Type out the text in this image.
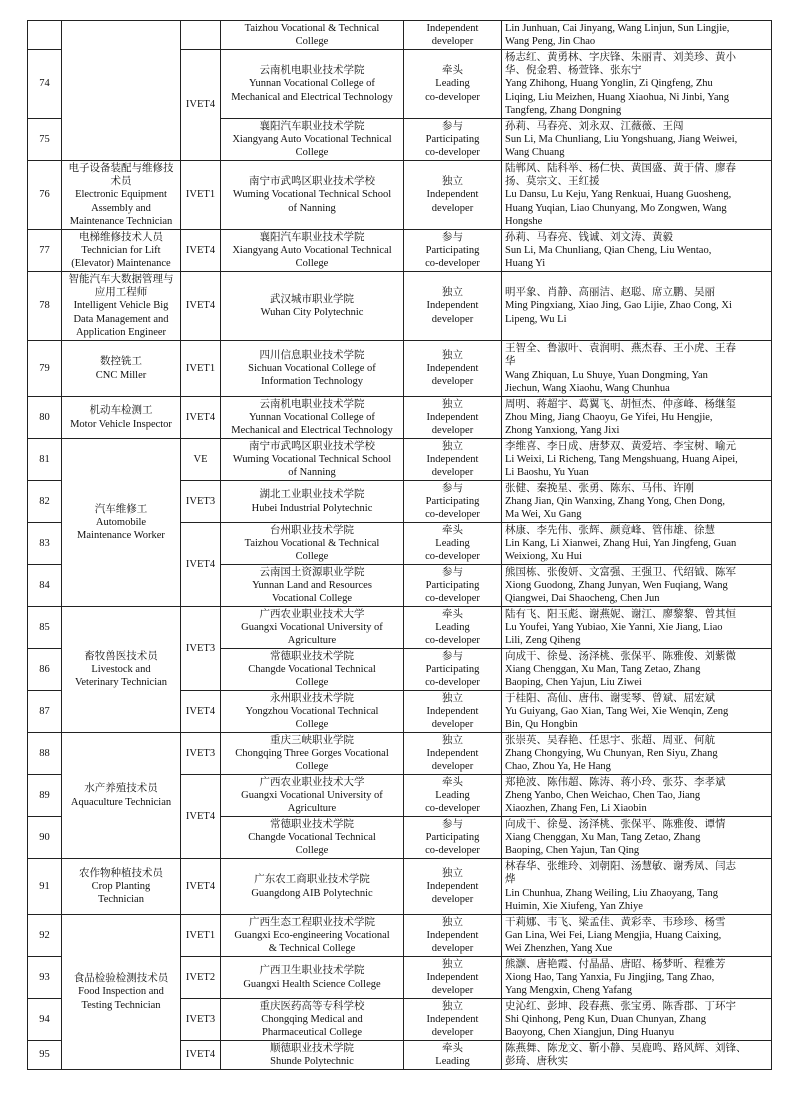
			Taizhou Vocational & Technical
College	Independent
developer	Lin Junhuan, Cai Jinyang, Wang Linjun, Sun Lingjie,
Wang Peng, Jin Chao

74		IVET4	云南机电职业技术学院
Yunnan Vocational College of
Mechanical and Electrical Technology	牵头
Leading
co-developer	杨志红、黄勇林、字庆锋、朱丽青、刘美珍、黄小
华、倪金碧、杨萱锋、张东宁
Yang Zhihong, Huang Yonglin, Zi Qingfeng, Zhu
Liqing, Liu Meizhen, Huang Xiaohua, Ni Jinbi, Yang
Tangfeng, Zhang Dongning

75			襄阳汽车职业技术学院
Xiangyang Auto Vocational Technical
College	参与
Participating
co-developer	孙莉、马春亮、刘永双、江薇薇、王闯
Sun Li, Ma Chunliang, Liu Yongshuang, Jiang Weiwei,
Wang Chuang

76	电子设备装配与维修技
术员
Electronic Equipment
Assembly and
Maintenance Technician	IVET1	南宁市武鸣区职业技术学校
Wuming Vocational Technical School
of Nanning	独立
Independent
developer	陆郸风、陆科举、杨仁快、黄国盛、黄于倩、廖春
扬、莫宗文、王红援
Lu Dansu, Lu Keju, Yang Renkuai, Huang Guosheng,
Huang Yuqian, Liao Chunyang, Mo Zongwen, Wang
Hongshe

77	电梯维修技术人员
Technician for Lift
(Elevator) Maintenance	IVET4	襄阳汽车职业技术学院
Xiangyang Auto Vocational Technical
College	参与
Participating
co-developer	孙莉、马春亮、钱诚、刘文涛、黄毅
Sun Li, Ma Chunliang, Qian Cheng, Liu Wentao,
Huang Yi

78	智能汽车大数据管理与
应用工程师
Intelligent Vehicle Big
Data Management and
Application Engineer	IVET4	武汉城市职业学院
Wuhan City Polytechnic	独立
Independent
developer	明平象、肖静、高丽洁、赵聪、席立鹏、吴丽
Ming Pingxiang, Xiao Jing, Gao Lijie, Zhao Cong, Xi
Lipeng, Wu Li

79	数控铣工
CNC Miller	IVET1	四川信息职业技术学院
Sichuan Vocational College of
Information Technology	独立
Independent
developer	王智全、鲁淑叶、袁润明、燕杰春、王小虎、王春
华
Wang Zhiquan, Lu Shuye, Yuan Dongming, Yan
Jiechun, Wang Xiaohu, Wang Chunhua

80	机动车检测工
Motor Vehicle Inspector	IVET4	云南机电职业技术学院
Yunnan Vocational College of
Mechanical and Electrical Technology	独立
Independent
developer	周明、蒋超宇、葛翼飞、胡恒杰、仲彦峰、杨继玺
Zhou Ming, Jiang Chaoyu, Ge Yifei, Hu Hengjie,
Zhong Yanxiong, Yang Jixi

81	汽车维修工
Automobile
Maintenance Worker	VE	南宁市武鸣区职业技术学校
Wuming Vocational Technical School
of Nanning	独立
Independent
developer	李维喜、李日成、唐梦双、黄爱培、李宝树、喻元
Li Weixi, Li Richeng, Tang Mengshuang, Huang Aipei,
Li Baoshu, Yu Yuan

82		IVET3	湖北工业职业技术学院
Hubei Industrial Polytechnic	参与
Participating
co-developer	张健、秦挽星、张勇、陈东、马伟、许刚
Zhang Jian, Qin Wanxing, Zhang Yong, Chen Dong,
Ma Wei, Xu Gang

83		IVET4	台州职业技术学院
Taizhou Vocational & Technical
College	牵头
Leading
co-developer	林康、李先伟、张辉、颜竟峰、管伟雄、徐慧
Lin Kang, Li Xianwei, Zhang Hui, Yan Jingfeng, Guan
Weixiong, Xu Hui

84			云南国土资源职业学院
Yunnan Land and Resources
Vocational College	参与
Participating
co-developer	熊国栋、张俊妍、文富强、王强卫、代绍钺、陈军
Xiong Guodong, Zhang Junyan, Wen Fuqiang, Wang
Qiangwei, Dai Shaocheng, Chen Jun

85	畜牧兽医技术员
Livestock and
Veterinary Technician	IVET3	广西农业职业技术大学
Guangxi Vocational University of
Agriculture	牵头
Leading
co-developer	陆有飞、阳玉彪、谢燕妮、谢江、廖黎黎、曾其恒
Lu Youfei, Yang Yubiao, Xie Yanni, Xie Jiang, Liao
Lili, Zeng Qiheng

86			常德职业技术学院
Changde Vocational Technical
College	参与
Participating
co-developer	向成干、徐曼、汤泽桃、张保平、陈雅俊、刘紫微
Xiang Chenggan, Xu Man, Tang Zetao, Zhang
Baoping, Chen Yajun, Liu Ziwei

87		IVET4	永州职业技术学院
Yongzhou Vocational Technical
College	独立
Independent
developer	于桂阳、高仙、唐伟、谢雯琴、曾斌、屈宏斌
Yu Guiyang, Gao Xian, Tang Wei, Xie Wenqin, Zeng
Bin, Qu Hongbin

88	水产养殖技术员
Aquaculture Technician	IVET3	重庆三峡职业学院
Chongqing Three Gorges Vocational
College	独立
Independent
developer	张崇英、吴春艳、任思宇、张超、周亚、何航
Zhang Chongying, Wu Chunyan, Ren Siyu, Zhang
Chao, Zhou Ya, He Hang

89		IVET4	广西农业职业技术大学
Guangxi Vocational University of
Agriculture	牵头
Leading
co-developer	郑艳波、陈伟超、陈涛、蒋小玲、张芬、李孝斌
Zheng Yanbo, Chen Weichao, Chen Tao, Jiang
Xiaozhen, Zhang Fen, Li Xiaobin

90			常德职业技术学院
Changde Vocational Technical
College	参与
Participating
co-developer	向成干、徐曼、汤泽桃、张保平、陈雅俊、谭情
Xiang Chenggan, Xu Man, Tang Zetao, Zhang
Baoping, Chen Yajun, Tan Qing

91	农作物种植技术员
Crop Planting
Technician	IVET4	广东农工商职业技术学院
Guangdong AIB Polytechnic	独立
Independent
developer	林春华、张维玲、刘朝阳、汤慧敏、谢秀凤、闫志
烨
Lin Chunhua, Zhang Weiling, Liu Zhaoyang, Tang
Huimin, Xie Xiufeng, Yan Zhiye

92	食品检验检测技术员
Food Inspection and
Testing Technician	IVET1	广西生态工程职业技术学院
Guangxi Eco-engineering Vocational
& Technical College	独立
Independent
developer	干莉娜、韦飞、梁孟佳、黄彩幸、韦珍珍、杨雪
Gan Lina, Wei Fei, Liang Mengjia, Huang Caixing,
Wei Zhenzhen, Yang Xue

93		IVET2	广西卫生职业技术学院
Guangxi Health Science College	独立
Independent
developer	熊灏、唐艳霞、付晶晶、唐昭、杨梦昕、程雅芳
Xiong Hao, Tang Yanxia, Fu Jingjing, Tang Zhao,
Yang Mengxin, Cheng Yafang

94		IVET3	重庆医药高等专科学校
Chongqing Medical and
Pharmaceutical College	独立
Independent
developer	史沁红、彭坤、段春燕、张宝勇、陈香郡、丁环宇
Shi Qinhong, Peng Kun, Duan Chunyan, Zhang
Baoyong, Chen Xiangjun, Ding Huanyu

95		IVET4	顺德职业技术学院
Shunde Polytechnic	牵头
Leading	陈燕舞、陈龙文、靳小静、吴鹿鸣、路风辉、刘锋、
彭琦、唐秋实
